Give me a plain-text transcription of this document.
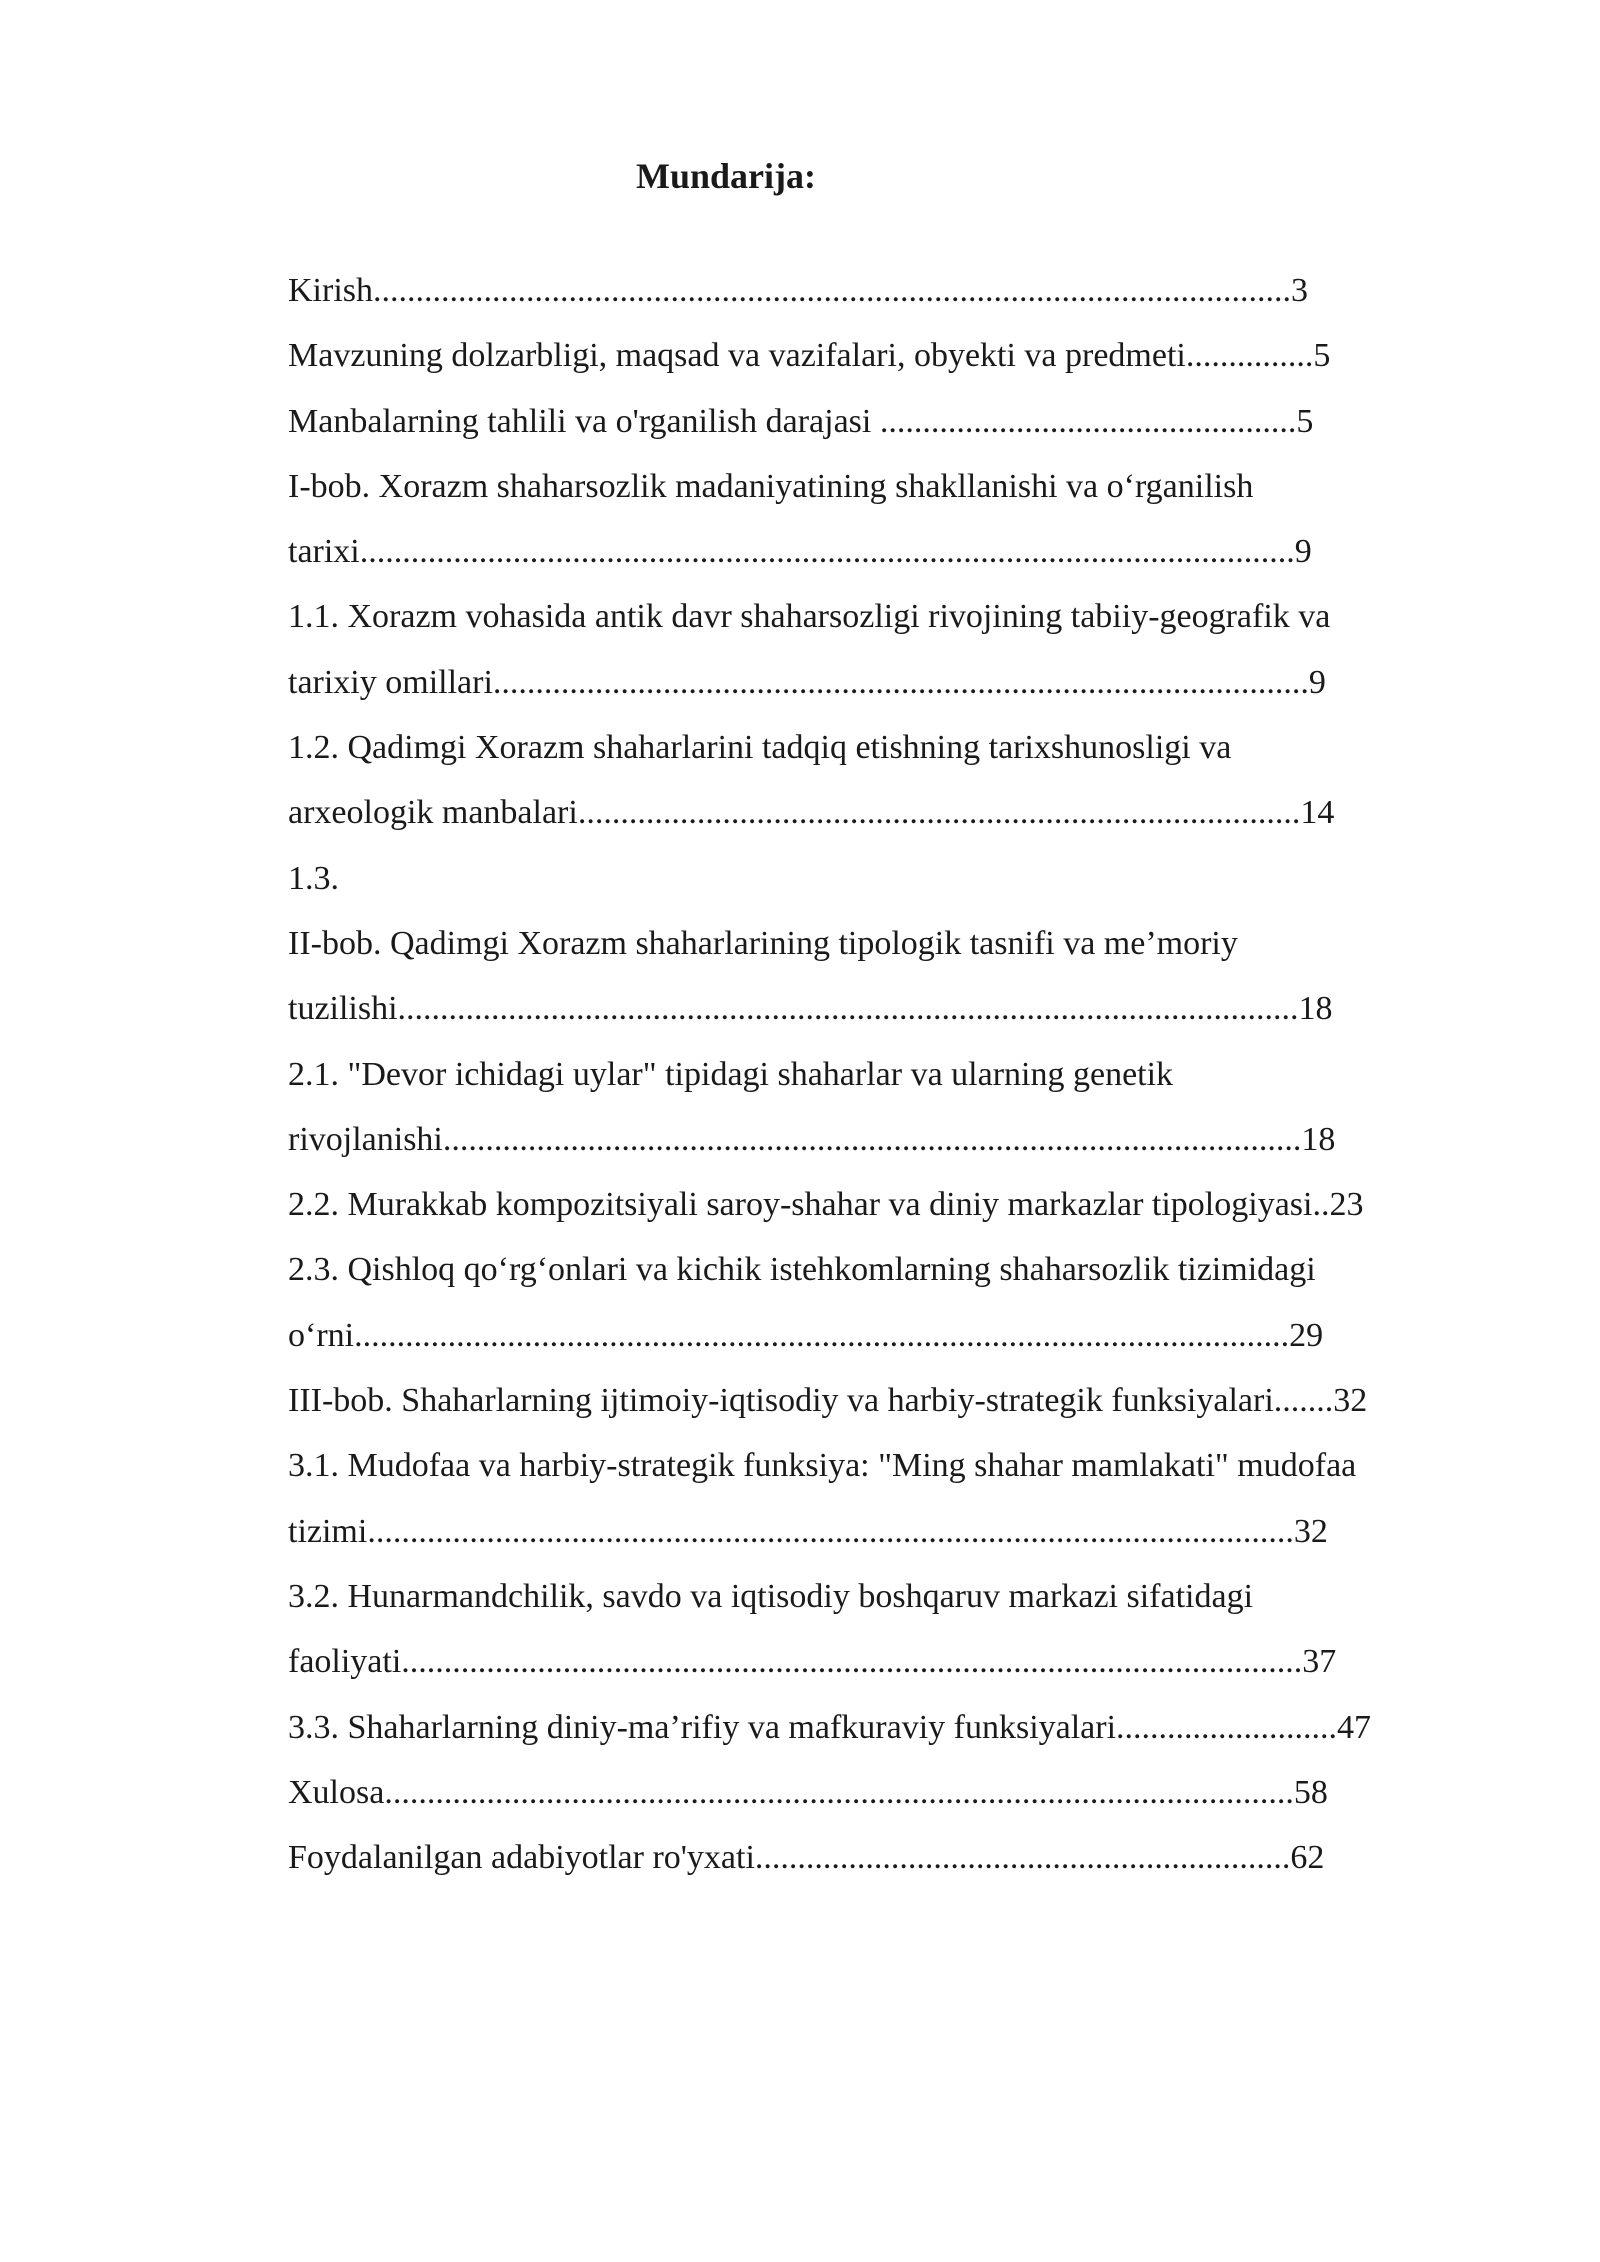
Mundarija:
Kirish............................................................................................................3
Mavzuning dolzarbligi, maqsad va vazifalari, obyekti va predmeti...............5
Manbalarning tahlili va o'rganilish darajasi .................................................5
I-bob. Xorazm shaharsozlik madaniyatining shakllanishi va o‘rganilish
tarixi..............................................................................................................9
1.1. Xorazm vohasida antik davr shaharsozligi rivojining tabiiy-geografik va
tarixiy omillari................................................................................................9
1.2. Qadimgi Xorazm shaharlarini tadqiq etishning tarixshunosligi va
arxeologik manbalari.....................................................................................14
1.3.
II-bob. Qadimgi Xorazm shaharlarining tipologik tasnifi va me’moriy
tuzilishi..........................................................................................................18
2.1. "Devor ichidagi uylar" tipidagi shaharlar va ularning genetik
rivojlanishi.....................................................................................................18
2.2. Murakkab kompozitsiyali saroy-shahar va diniy markazlar tipologiyasi..23
2.3. Qishloq qo‘rg‘onlari va kichik istehkomlarning shaharsozlik tizimidagi
o‘rni..............................................................................................................29
III-bob. Shaharlarning ijtimoiy-iqtisodiy va harbiy-strategik funksiyalari.......32
3.1. Mudofaa va harbiy-strategik funksiya: "Ming shahar mamlakati" mudofaa
tizimi.............................................................................................................32
3.2. Hunarmandchilik, savdo va iqtisodiy boshqaruv markazi sifatidagi
faoliyati..........................................................................................................37
3.3. Shaharlarning diniy-ma’rifiy va mafkuraviy funksiyalari..........................47
Xulosa...........................................................................................................58
Foydalanilgan adabiyotlar ro'yxati...............................................................62
